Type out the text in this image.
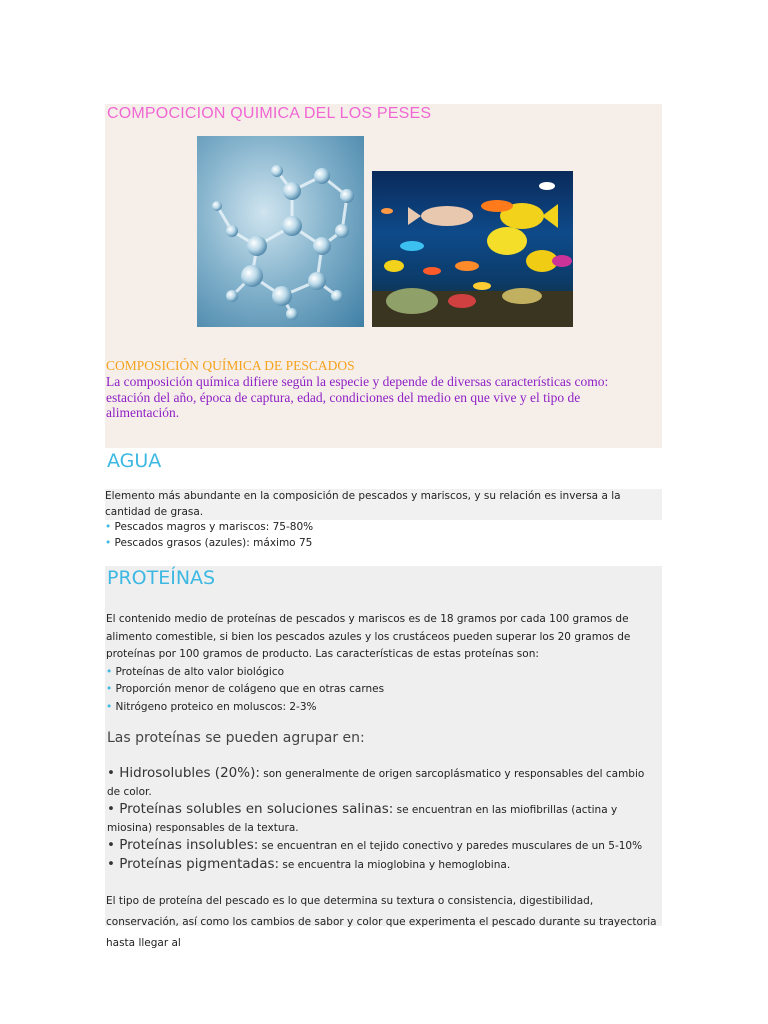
COMPOCICION QUIMICA DEL LOS PESES
COMPOSICIÓN QUÍMICA DE PESCADOS
La composición química difiere según la especie y depende de diversas características como: estación del año, época de captura, edad, condiciones del medio en que vive y el tipo de alimentación.
AGUA
Elemento más abundante en la composición de pescados y mariscos, y su relación es inversa a la cantidad de grasa.
• Pescados magros y mariscos: 75-80%
• Pescados grasos (azules): máximo 75
PROTEÍNAS
El contenido medio de proteínas de pescados y mariscos es de 18 gramos por cada 100 gramos de alimento comestible, si bien los pescados azules y los crustáceos pueden superar los 20 gramos de proteínas por 100 gramos de producto. Las características de estas proteínas son:
• Proteínas de alto valor biológico
• Proporción menor de colágeno que en otras carnes
• Nitrógeno proteico en moluscos: 2-3%
Las proteínas se pueden agrupar en:
• Hidrosolubles (20%): son generalmente de origen sarcoplásmatico y responsables del cambio de color.
• Proteínas solubles en soluciones salinas: se encuentran en las miofibrillas (actina y miosina) responsables de la textura.
• Proteínas insolubles: se encuentran en el tejido conectivo y paredes musculares de un 5-10%
• Proteínas pigmentadas: se encuentra la mioglobina y hemoglobina.
El tipo de proteína del pescado es lo que determina su textura o consistencia, digestibilidad, conservación, así como los cambios de sabor y color que experimenta el pescado durante su trayectoria hasta llegar al
